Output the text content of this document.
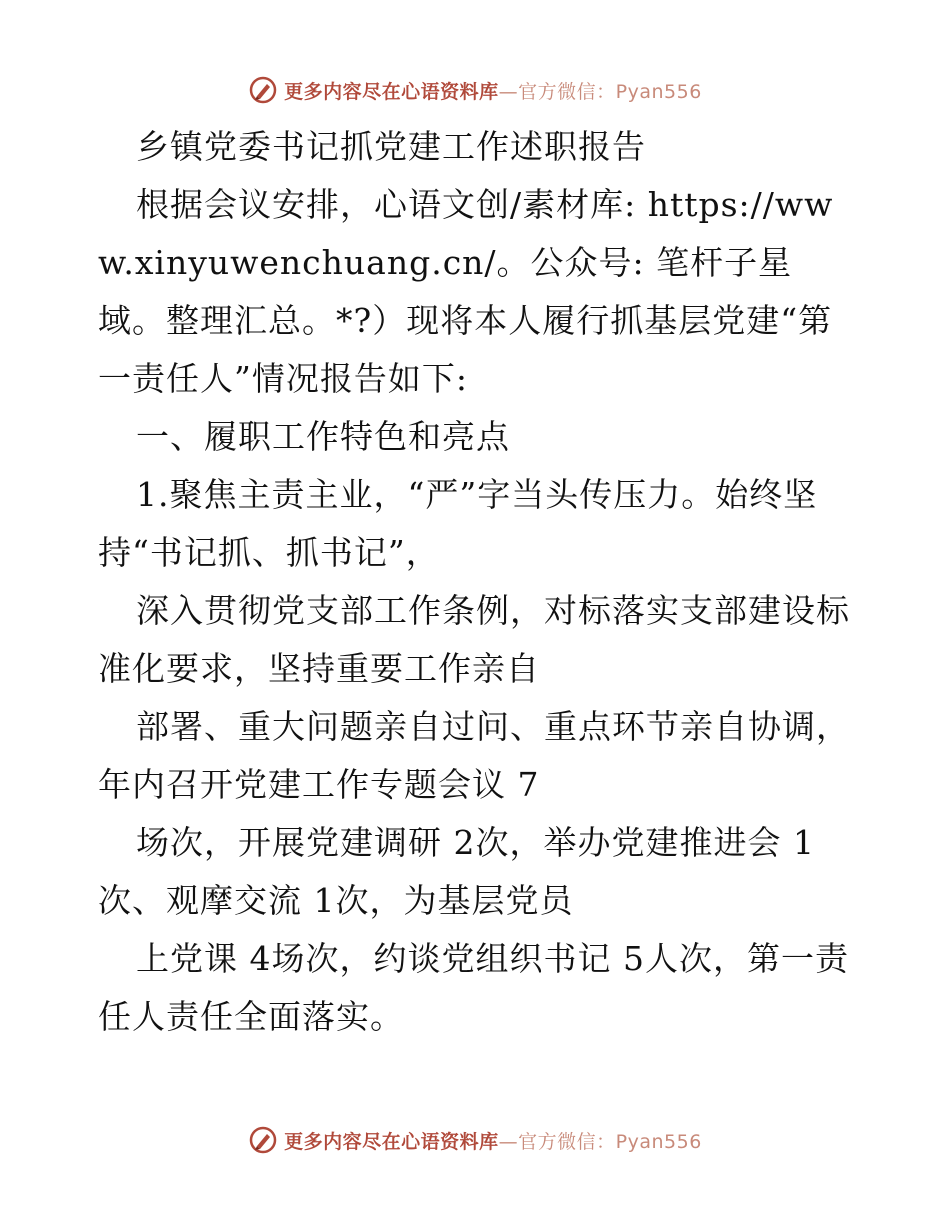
更多内容尽在心语资料库—官方微信：Pyan556

乡镇党委书记抓党建工作述职报告

根据会议安排，心语文创/素材库: https://www.xinyuwenchuang.cn/。公众号: 笔杆子星域。整理汇总。*?）现将本人履行抓基层党建“第一责任人”情况报告如下:

一、履职工作特色和亮点

1.聚焦主责主业，“严”字当头传压力。始终坚持“书记抓、抓书记”，

深入贯彻党支部工作条例，对标落实支部建设标准化要求，坚持重要工作亲自

部署、重大问题亲自过问、重点环节亲自协调，年内召开党建工作专题会议 7

场次，开展党建调研 2次，举办党建推进会 1次、观摩交流 1次，为基层党员

上党课 4场次，约谈党组织书记 5人次，第一责任人责任全面落实。

更多内容尽在心语资料库—官方微信：Pyan556
